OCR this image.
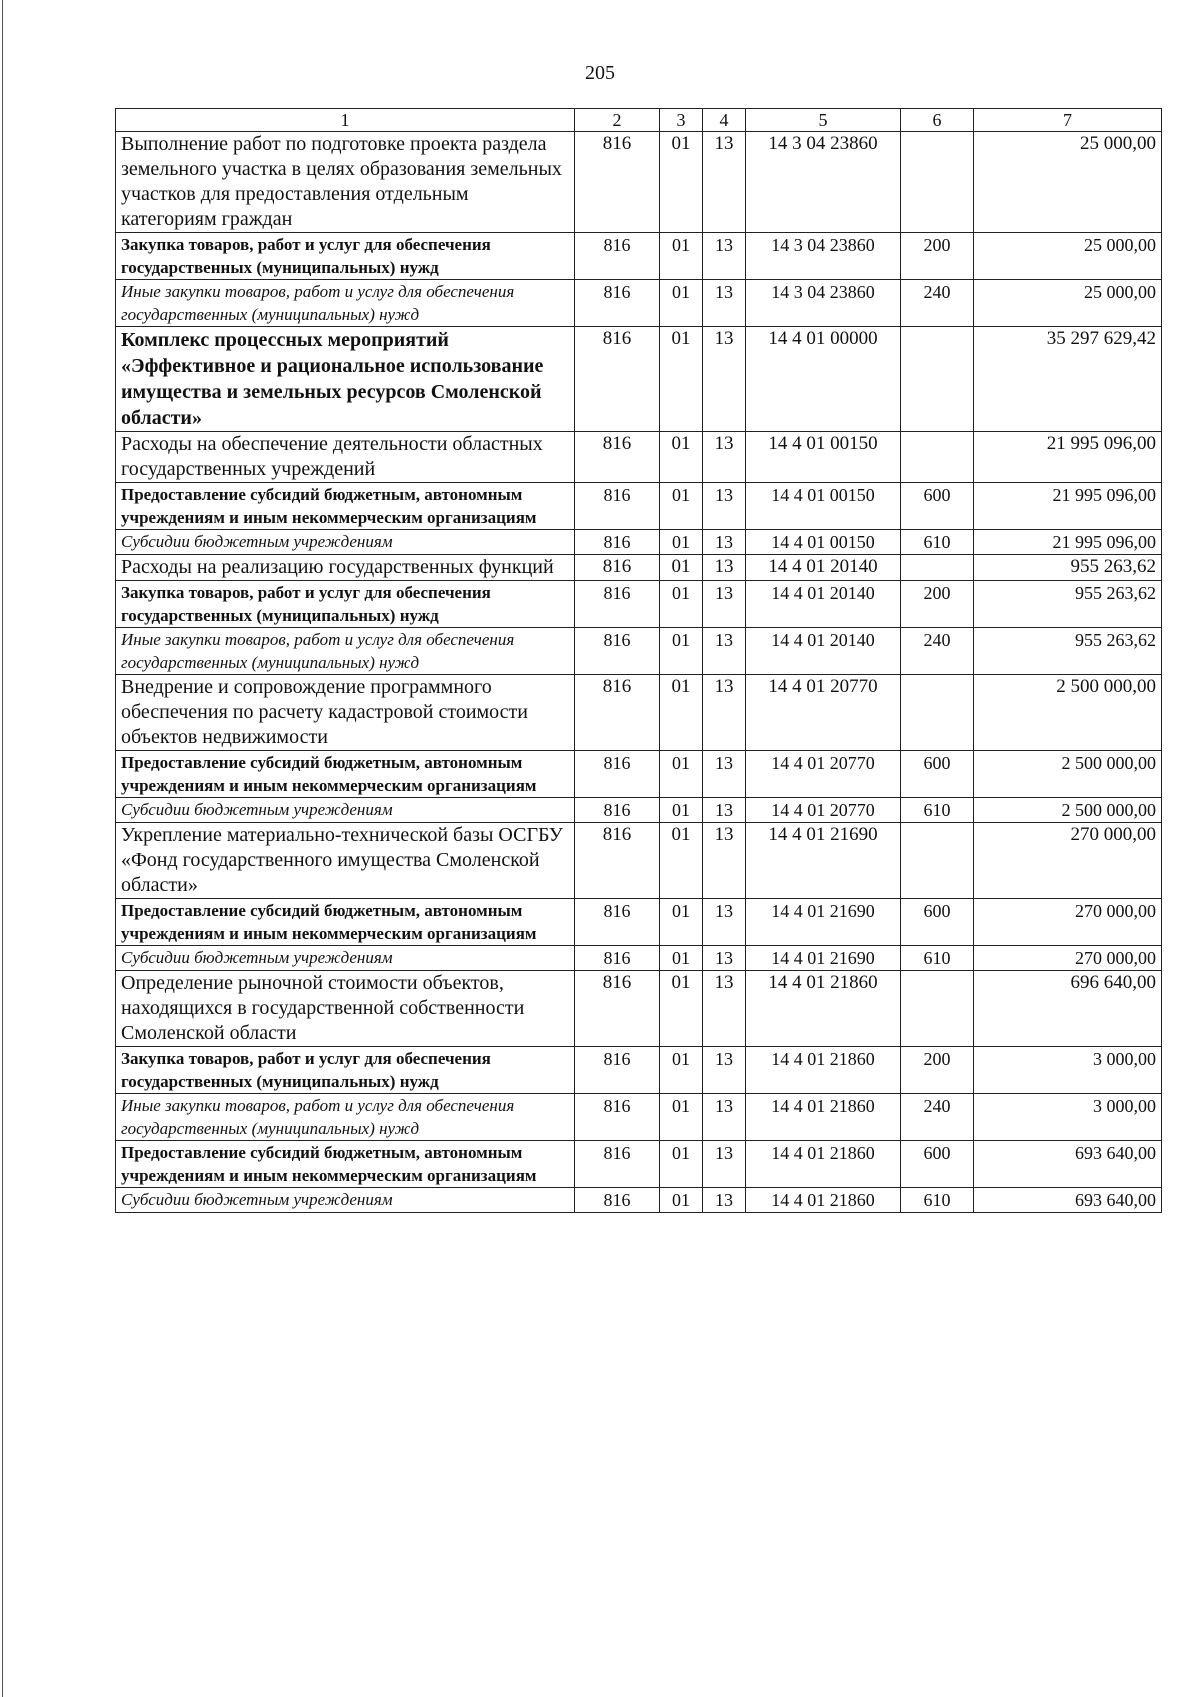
205
1	2	3	4	5	6	7
Выполнение работ по подготовке проекта раздела земельного участка в целях образования земельных участков для предоставления отдельным категориям граждан	816	01	13	14 3 04 23860		25 000,00
Закупка товаров, работ и услуг для обеспечения государственных (муниципальных) нужд	816	01	13	14 3 04 23860	200	25 000,00
Иные закупки товаров, работ и услуг для обеспечения государственных (муниципальных) нужд	816	01	13	14 3 04 23860	240	25 000,00
Комплекс процессных мероприятий «Эффективное и рациональное использование имущества и земельных ресурсов Смоленской области»	816	01	13	14 4 01 00000		35 297 629,42
Расходы на обеспечение деятельности областных государственных учреждений	816	01	13	14 4 01 00150		21 995 096,00
Предоставление субсидий бюджетным, автономным учреждениям и иным некоммерческим организациям	816	01	13	14 4 01 00150	600	21 995 096,00
Субсидии бюджетным учреждениям	816	01	13	14 4 01 00150	610	21 995 096,00
Расходы на реализацию государственных функций	816	01	13	14 4 01 20140		955 263,62
Закупка товаров, работ и услуг для обеспечения государственных (муниципальных) нужд	816	01	13	14 4 01 20140	200	955 263,62
Иные закупки товаров, работ и услуг для обеспечения государственных (муниципальных) нужд	816	01	13	14 4 01 20140	240	955 263,62
Внедрение и сопровождение программного обеспечения по расчету кадастровой стоимости объектов недвижимости	816	01	13	14 4 01 20770		2 500 000,00
Предоставление субсидий бюджетным, автономным учреждениям и иным некоммерческим организациям	816	01	13	14 4 01 20770	600	2 500 000,00
Субсидии бюджетным учреждениям	816	01	13	14 4 01 20770	610	2 500 000,00
Укрепление материально-технической базы ОСГБУ «Фонд государственного имущества Смоленской области»	816	01	13	14 4 01 21690		270 000,00
Предоставление субсидий бюджетным, автономным учреждениям и иным некоммерческим организациям	816	01	13	14 4 01 21690	600	270 000,00
Субсидии бюджетным учреждениям	816	01	13	14 4 01 21690	610	270 000,00
Определение рыночной стоимости объектов, находящихся в государственной собственности Смоленской области	816	01	13	14 4 01 21860		696 640,00
Закупка товаров, работ и услуг для обеспечения государственных (муниципальных) нужд	816	01	13	14 4 01 21860	200	3 000,00
Иные закупки товаров, работ и услуг для обеспечения государственных (муниципальных) нужд	816	01	13	14 4 01 21860	240	3 000,00
Предоставление субсидий бюджетным, автономным учреждениям и иным некоммерческим организациям	816	01	13	14 4 01 21860	600	693 640,00
Субсидии бюджетным учреждениям	816	01	13	14 4 01 21860	610	693 640,00
